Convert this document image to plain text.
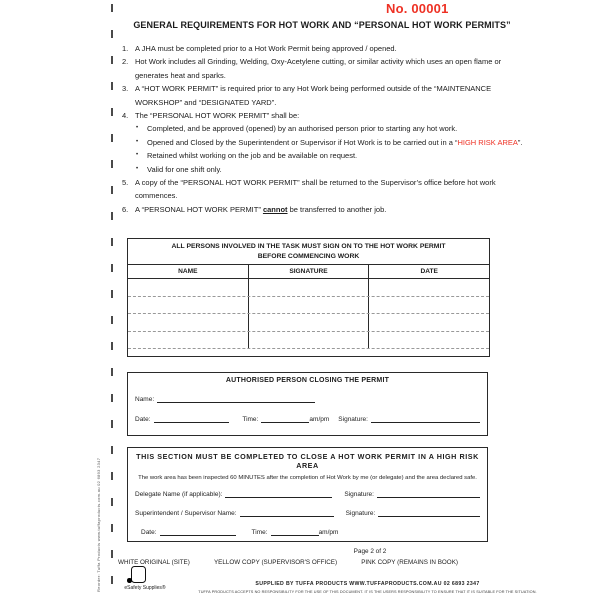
Reorder: Tuffa Products www.tuffaproducts.com.au 02 6893 2347
No. 00001
GENERAL REQUIREMENTS FOR HOT WORK AND “PERSONAL HOT WORK PERMITS”
1. A JHA must be completed prior to a Hot Work Permit being approved / opened.
2. Hot Work includes all Grinding, Welding, Oxy-Acetylene cutting, or similar activity which uses an open flame or generates heat and sparks.
3. A “HOT WORK PERMIT” is required prior to any Hot Work being performed outside of the “MAINTENANCE WORKSHOP” and “DESIGNATED YARD”.
4. The “PERSONAL HOT WORK PERMIT” shall be:
•	Completed, and be approved (opened) by an authorised person prior to starting any hot work.
•	Opened and Closed by the Superintendent or Supervisor if Hot Work is to be carried out in a “HIGH RISK AREA”.
•	Retained whilst working on the job and be available on request.
•	Valid for one shift only.
5. A copy of the “PERSONAL HOT WORK PERMIT” shall be returned to the Supervisor’s office before hot work commences.
6. A “PERSONAL HOT WORK PERMIT” cannot be transferred to another job.
ALL PERSONS INVOLVED IN THE TASK MUST SIGN ON TO THE HOT WORK PERMIT BEFORE COMMENCING WORK
NAME	SIGNATURE	DATE
AUTHORISED PERSON CLOSING THE PERMIT
Name:
Date:	Time:	am/pm Signature:
THIS SECTION MUST BE COMPLETED TO CLOSE A HOT WORK PERMIT IN A HIGH RISK AREA
The work area has been inspected 60 MINUTES after the completion of Hot Work by me (or delegate) and the area declared safe.
Delegate Name (if applicable):	Signature:
Superintendent / Supervisor Name:	Signature:
Date:	Time:	am/pm
Page 2 of 2
WHITE ORIGINAL (SITE)	YELLOW COPY (SUPERVISOR'S OFFICE)	PINK COPY (REMAINS IN BOOK)
eSafety Supplies®
SUPPLIED BY TUFFA PRODUCTS WWW.TUFFAPRODUCTS.COM.AU 02 6893 2347
TUFFA PRODUCTS ACCEPTS NO RESPONSIBILITY FOR THE USE OF THIS DOCUMENT. IT IS THE USERS RESPONSIBILITY TO ENSURE THAT IT IS SUITABLE FOR THE SITUATION.
